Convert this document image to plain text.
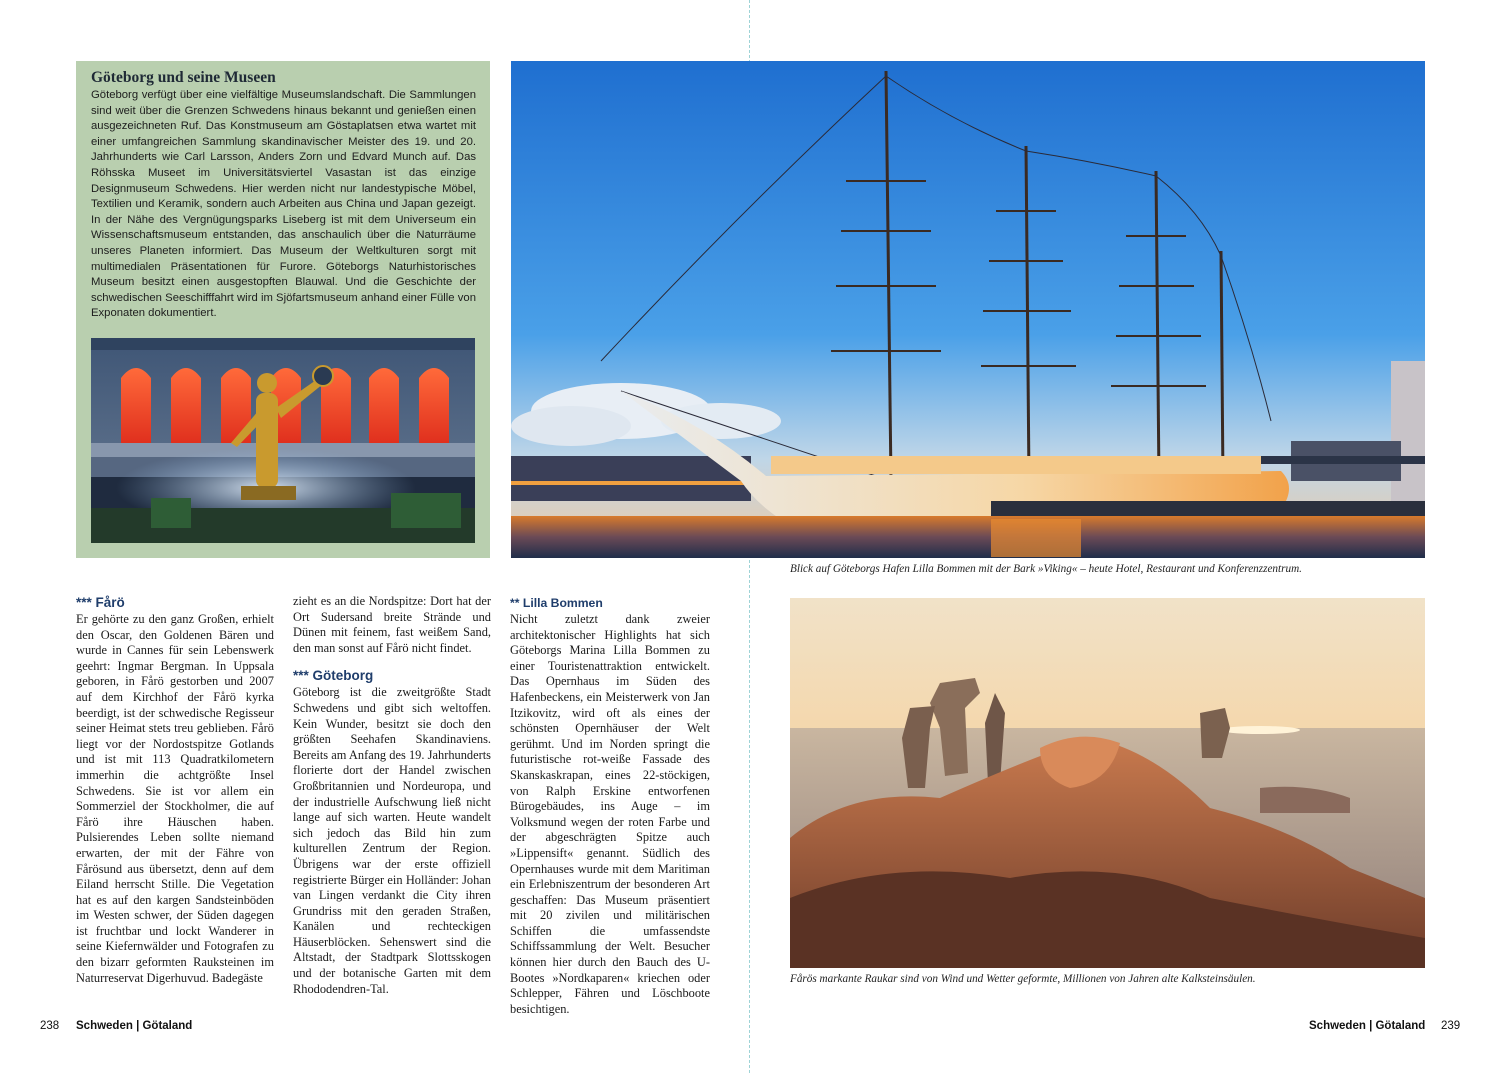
Göteborg und seine Museen

Göteborg verfügt über eine vielfältige Museumslandschaft. Die Sammlungen sind weit über die Grenzen Schwedens hinaus bekannt und genießen einen ausgezeichneten Ruf. Das Konstmuseum am Göstaplatsen etwa wartet mit einer umfangreichen Sammlung skandinavischer Meister des 19. und 20. Jahrhunderts wie Carl Larsson, Anders Zorn und Edvard Munch auf. Das Röhsska Museet im Universitätsviertel Vasastan ist das einzige Designmuseum Schwedens. Hier werden nicht nur landestypische Möbel, Textilien und Keramik, sondern auch Arbeiten aus China und Japan gezeigt. In der Nähe des Vergnügungsparks Liseberg ist mit dem Universeum ein Wissenschaftsmuseum entstanden, das anschaulich über die Naturräume unseres Planeten informiert. Das Museum der Weltkulturen sorgt mit multimedialen Präsentationen für Furore. Göteborgs Naturhistorisches Museum besitzt einen ausgestopften Blauwal. Und die Geschichte der schwedischen Seeschifffahrt wird im Sjöfartsmuseum anhand einer Fülle von Exponaten dokumentiert.

*** Fårö

Er gehörte zu den ganz Großen, erhielt den Oscar, den Goldenen Bären und wurde in Cannes für sein Lebenswerk geehrt: Ingmar Bergman. In Uppsala geboren, in Fårö gestorben und 2007 auf dem Kirchhof der Fårö kyrka beerdigt, ist der schwedische Regisseur seiner Heimat stets treu geblieben. Fårö liegt vor der Nordostspitze Gotlands und ist mit 113 Quadratkilometern immerhin die achtgrößte Insel Schwedens. Sie ist vor allem ein Sommerziel der Stockholmer, die auf Fårö ihre Häuschen haben. Pulsierendes Leben sollte niemand erwarten, der mit der Fähre von Fårösund aus übersetzt, denn auf dem Eiland herrscht Stille. Die Vegetation hat es auf den kargen Sandsteinböden im Westen schwer, der Süden dagegen ist fruchtbar und lockt Wanderer in seine Kiefernwälder und Fotografen zu den bizarr geformten Rauksteinen im Naturreservat Digerhuvud. Badegäste

zieht es an die Nordspitze: Dort hat der Ort Sudersand breite Strände und Dünen mit feinem, fast weißem Sand, den man sonst auf Fårö nicht findet.

*** Göteborg

Göteborg ist die zweitgrößte Stadt Schwedens und gibt sich weltoffen. Kein Wunder, besitzt sie doch den größten Seehafen Skandinaviens. Bereits am Anfang des 19. Jahrhunderts florierte dort der Handel zwischen Großbritannien und Nordeuropa, und der industrielle Aufschwung ließ nicht lange auf sich warten. Heute wandelt sich jedoch das Bild hin zum kulturellen Zentrum der Region. Übrigens war der erste offiziell registrierte Bürger ein Holländer: Johan van Lingen verdankt die City ihren Grundriss mit den geraden Straßen, Kanälen und rechteckigen Häuserblöcken. Sehenswert sind die Altstadt, der Stadtpark Slottsskogen und der botanische Garten mit dem Rhododendren-Tal.

** Lilla Bommen

Nicht zuletzt dank zweier architektonischer Highlights hat sich Göteborgs Marina Lilla Bommen zu einer Touristenattraktion entwickelt. Das Opernhaus im Süden des Hafenbeckens, ein Meisterwerk von Jan Itzikovitz, wird oft als eines der schönsten Opernhäuser der Welt gerühmt. Und im Norden springt die futuristische rot-weiße Fassade des Skanskaskrapan, eines 22-stöckigen, von Ralph Erskine entworfenen Bürogebäudes, ins Auge – im Volksmund wegen der roten Farbe und der abgeschrägten Spitze auch »Lippensift« genannt. Südlich des Opernhauses wurde mit dem Maritiman ein Erlebniszentrum der besonderen Art geschaffen: Das Museum präsentiert mit 20 zivilen und militärischen Schiffen die umfassendste Schiffssammlung der Welt. Besucher können hier durch den Bauch des U-Bootes »Nordkaparen« kriechen oder Schlepper, Fähren und Löschboote besichtigen.

Blick auf Göteborgs Hafen Lilla Bommen mit der Bark »Viking« – heute Hotel, Restaurant und Konferenzzentrum.
Fårös markante Raukar sind von Wind und Wetter geformte, Millionen von Jahren alte Kalksteinsäulen.
238 Schweden | Götaland	Schweden | Götaland 239
